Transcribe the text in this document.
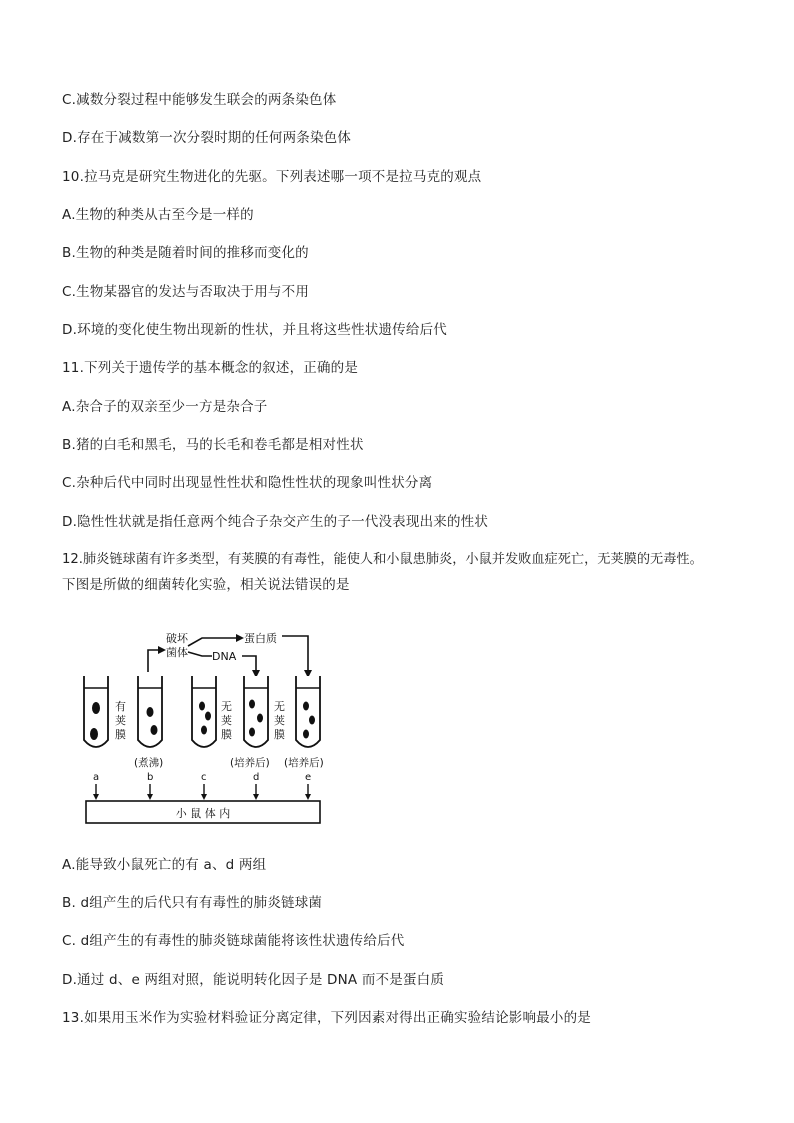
C.减数分裂过程中能够发生联会的两条染色体
D.存在于减数第一次分裂时期的任何两条染色体
10.拉马克是研究生物进化的先驱。下列表述哪一项不是拉马克的观点
A.生物的种类从古至今是一样的
B.生物的种类是随着时间的推移而变化的
C.生物某器官的发达与否取决于用与不用
D.环境的变化使生物出现新的性状，并且将这些性状遗传给后代
11.下列关于遗传学的基本概念的叙述，正确的是
A.杂合子的双亲至少一方是杂合子
B.猪的白毛和黑毛，马的长毛和卷毛都是相对性状
C.杂种后代中同时出现显性性状和隐性性状的现象叫性状分离
D.隐性性状就是指任意两个纯合子杂交产生的子一代没表现出来的性状
12.肺炎链球菌有许多类型，有荚膜的有毒性，能使人和小鼠患肺炎，小鼠并发败血症死亡，无荚膜的无毒性。
下图是所做的细菌转化实验，相关说法错误的是
破坏
菌体
蛋白质
DNA
有
荚
膜
无
荚
膜
无
荚
膜
(煮沸)	(培养后) (培养后)
a	b	c	d	e
小 鼠 体 内
A.能导致小鼠死亡的有 a、d 两组
B. d组产生的后代只有有毒性的肺炎链球菌
C. d组产生的有毒性的肺炎链球菌能将该性状遗传给后代
D.通过 d、e 两组对照，能说明转化因子是 DNA 而不是蛋白质
13.如果用玉米作为实验材料验证分离定律，下列因素对得出正确实验结论影响最小的是
